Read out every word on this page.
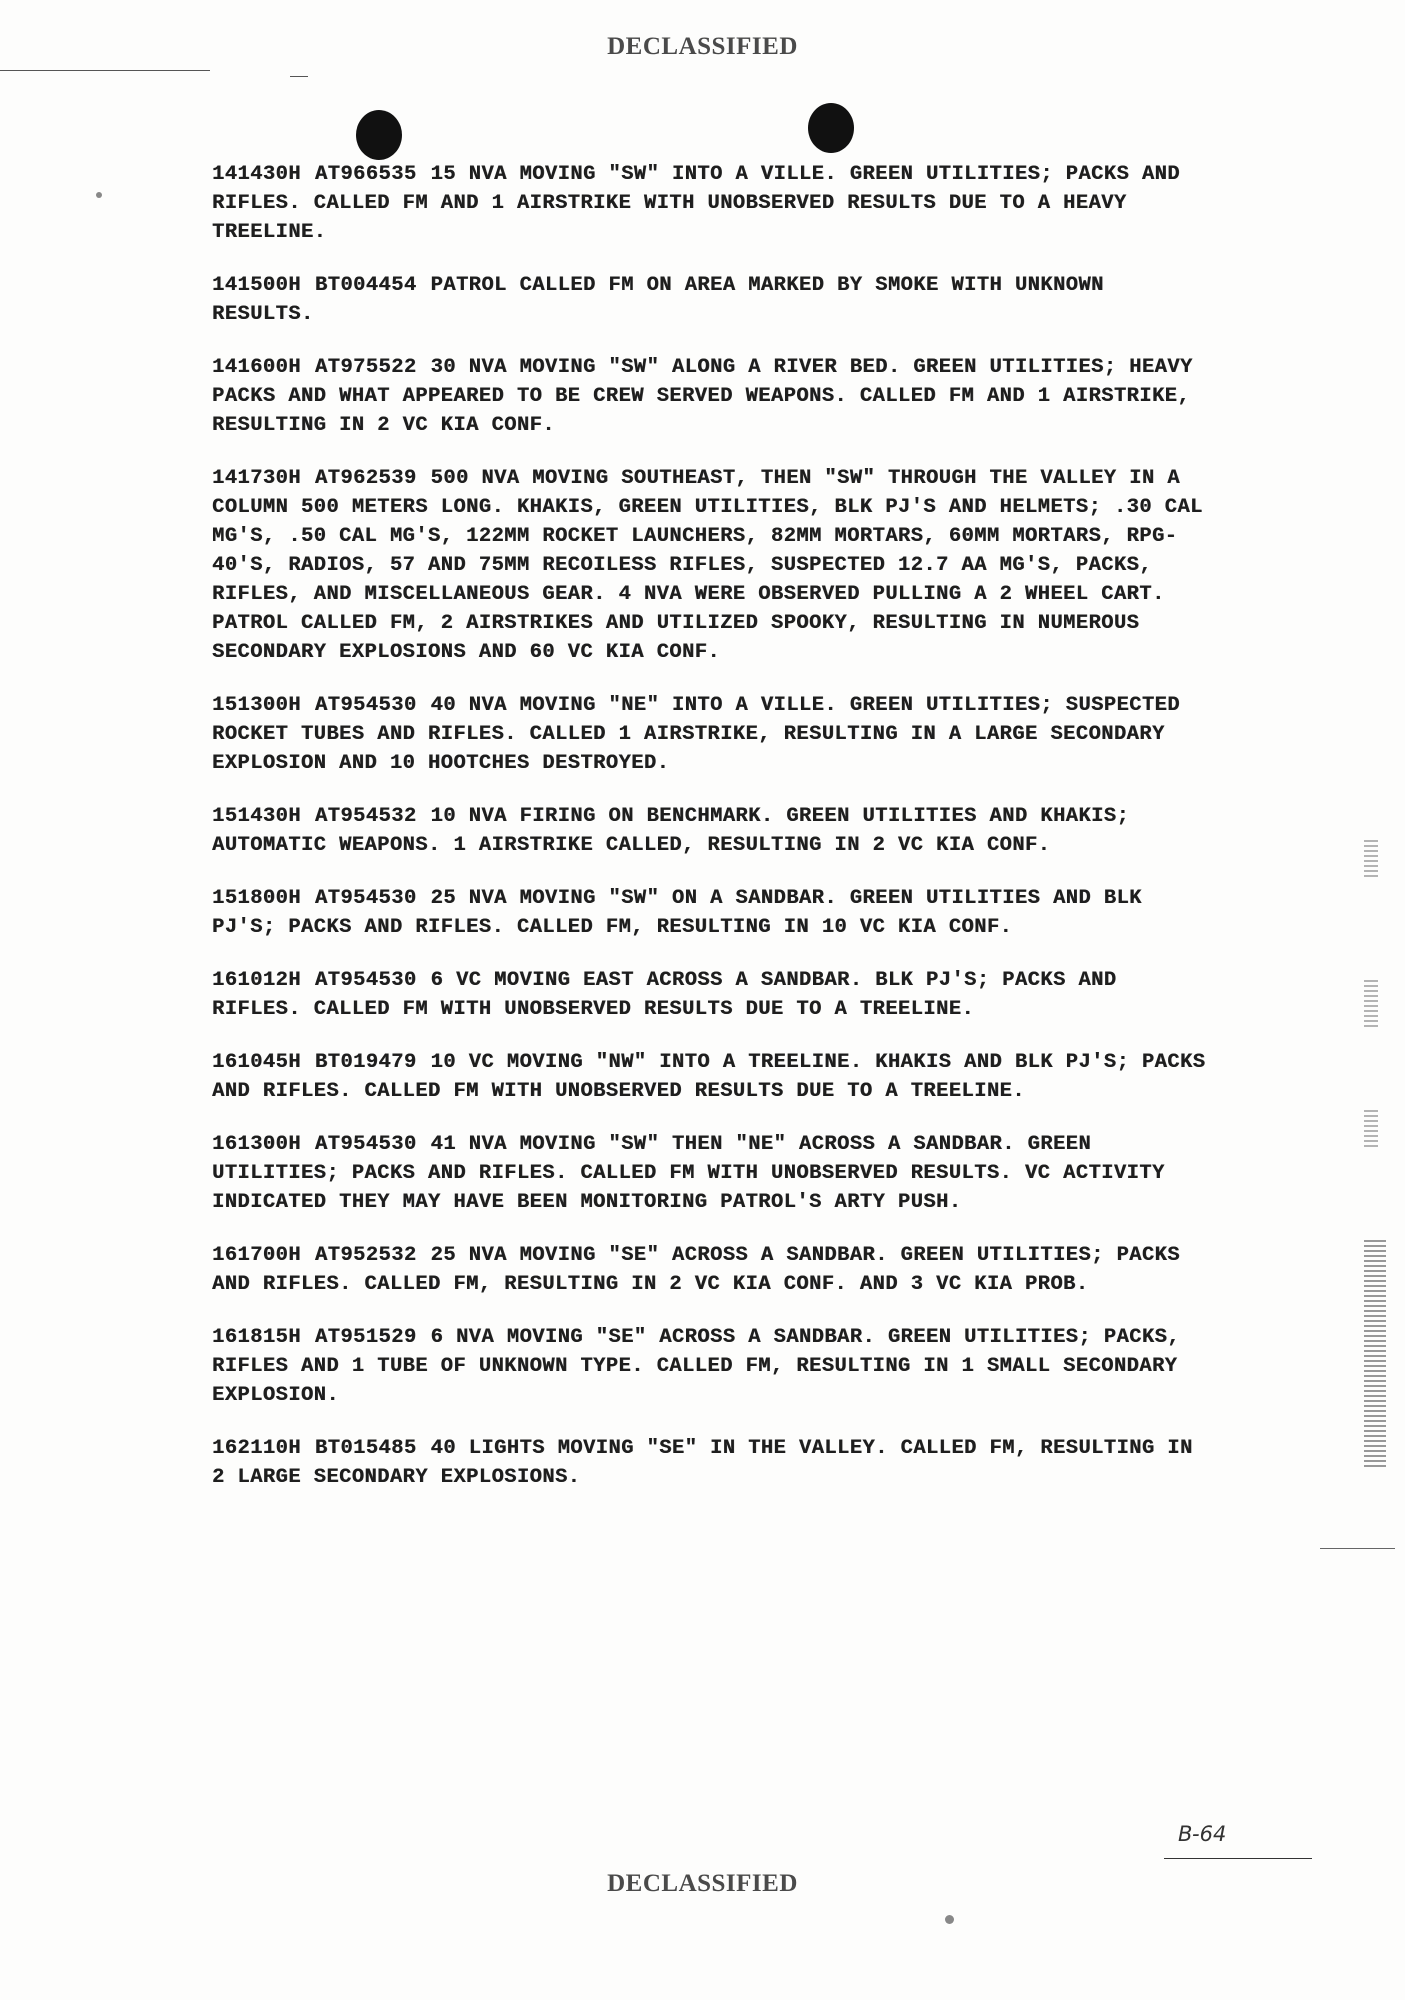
DECLASSIFIED

141430H AT966535 15 NVA MOVING "SW" INTO A VILLE. GREEN UTILITIES; PACKS AND RIFLES. CALLED FM AND 1 AIRSTRIKE WITH UNOBSERVED RESULTS DUE TO A HEAVY TREELINE.

141500H BT004454 PATROL CALLED FM ON AREA MARKED BY SMOKE WITH UNKNOWN RESULTS.

141600H AT975522 30 NVA MOVING "SW" ALONG A RIVER BED. GREEN UTILITIES; HEAVY PACKS AND WHAT APPEARED TO BE CREW SERVED WEAPONS. CALLED FM AND 1 AIRSTRIKE, RESULTING IN 2 VC KIA CONF.

141730H AT962539 500 NVA MOVING SOUTHEAST, THEN "SW" THROUGH THE VALLEY IN A COLUMN 500 METERS LONG. KHAKIS, GREEN UTILITIES, BLK PJ'S AND HELMETS; .30 CAL MG'S, .50 CAL MG'S, 122MM ROCKET LAUNCHERS, 82MM MORTARS, 60MM MORTARS, RPG-40'S, RADIOS, 57 AND 75MM RECOILESS RIFLES, SUSPECTED 12.7 AA MG'S, PACKS, RIFLES, AND MISCELLANEOUS GEAR. 4 NVA WERE OBSERVED PULLING A 2 WHEEL CART. PATROL CALLED FM, 2 AIRSTRIKES AND UTILIZED SPOOKY, RESULTING IN NUMEROUS SECONDARY EXPLOSIONS AND 60 VC KIA CONF.

151300H AT954530 40 NVA MOVING "NE" INTO A VILLE. GREEN UTILITIES; SUSPECTED ROCKET TUBES AND RIFLES. CALLED 1 AIRSTRIKE, RESULTING IN A LARGE SECONDARY EXPLOSION AND 10 HOOTCHES DESTROYED.

151430H AT954532 10 NVA FIRING ON BENCHMARK. GREEN UTILITIES AND KHAKIS; AUTOMATIC WEAPONS. 1 AIRSTRIKE CALLED, RESULTING IN 2 VC KIA CONF.

151800H AT954530 25 NVA MOVING "SW" ON A SANDBAR. GREEN UTILITIES AND BLK PJ'S; PACKS AND RIFLES. CALLED FM, RESULTING IN 10 VC KIA CONF.

161012H AT954530 6 VC MOVING EAST ACROSS A SANDBAR. BLK PJ'S; PACKS AND RIFLES. CALLED FM WITH UNOBSERVED RESULTS DUE TO A TREELINE.

161045H BT019479 10 VC MOVING "NW" INTO A TREELINE. KHAKIS AND BLK PJ'S; PACKS AND RIFLES. CALLED FM WITH UNOBSERVED RESULTS DUE TO A TREELINE.

161300H AT954530 41 NVA MOVING "SW" THEN "NE" ACROSS A SANDBAR. GREEN UTILITIES; PACKS AND RIFLES. CALLED FM WITH UNOBSERVED RESULTS. VC ACTIVITY INDICATED THEY MAY HAVE BEEN MONITORING PATROL'S ARTY PUSH.

161700H AT952532 25 NVA MOVING "SE" ACROSS A SANDBAR. GREEN UTILITIES; PACKS AND RIFLES. CALLED FM, RESULTING IN 2 VC KIA CONF. AND 3 VC KIA PROB.

161815H AT951529 6 NVA MOVING "SE" ACROSS A SANDBAR. GREEN UTILITIES; PACKS, RIFLES AND 1 TUBE OF UNKNOWN TYPE. CALLED FM, RESULTING IN 1 SMALL SECONDARY EXPLOSION.

162110H BT015485 40 LIGHTS MOVING "SE" IN THE VALLEY. CALLED FM, RESULTING IN 2 LARGE SECONDARY EXPLOSIONS.

B-64
DECLASSIFIED
